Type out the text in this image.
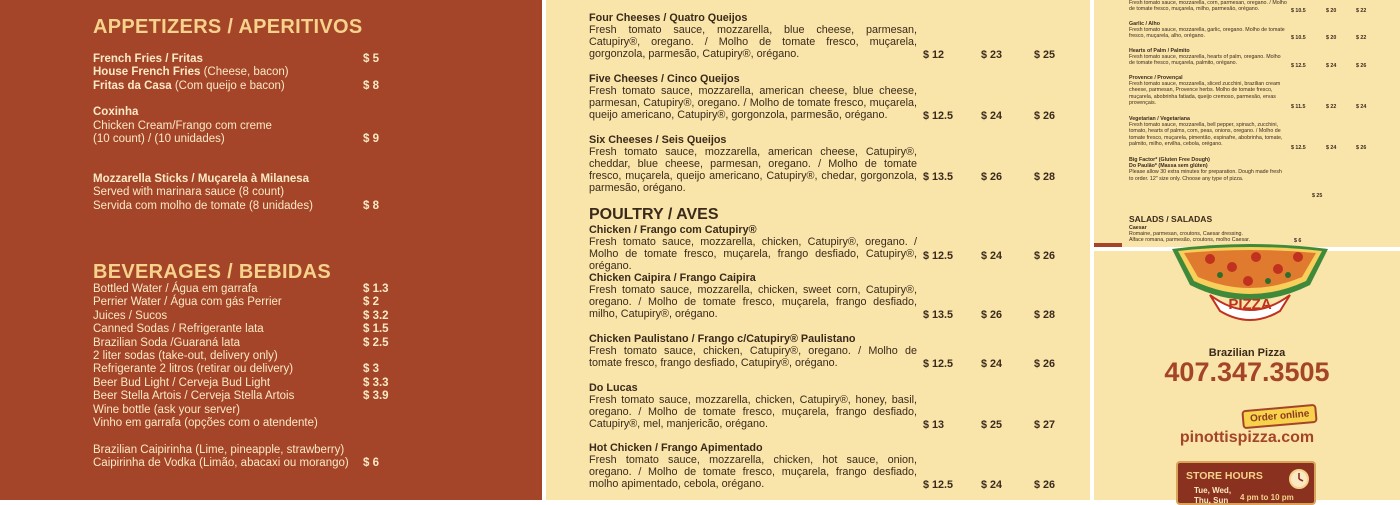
APPETIZERS / APERITIVOS
French Fries / Fritas	$ 5
House French Fries (Cheese, bacon)
Fritas da Casa (Com queijo e bacon)	$ 8
Coxinha
Chicken Cream/Frango com creme
(10 count) / (10 unidades)	$ 9
Mozzarella Sticks / Muçarela à Milanesa
Served with marinara sauce (8 count)
Servida com molho de tomate (8 unidades)	$ 8
BEVERAGES / BEBIDAS
Bottled Water / Água em garrafa	$ 1.3
Perrier Water / Água com gás Perrier	$ 2
Juices / Sucos	$ 3.2
Canned Sodas / Refrigerante lata	$ 1.5
Brazilian Soda /Guaraná lata	$ 2.5
2 liter sodas (take-out, delivery only)
Refrigerante 2 litros (retirar ou delivery)	$ 3
Beer Bud Light / Cerveja Bud Light	$ 3.3
Beer Stella Artois / Cerveja Stella Artois	$ 3.9
Wine bottle (ask your server)
Vinho em garrafa (opções com o atendente)
Brazilian Caipirinha (Lime, pineapple, strawberry)
Caipirinha de Vodka (Limão, abacaxi ou morango)	$ 6
POULTRY / AVES
Four Cheeses / Quatro Queijos
Fresh tomato sauce, mozzarella, blue cheese, parmesan, Catupiry®, oregano. / Molho de tomate fresco, muçarela, gorgonzola, parmesão, Catupiry®, orégano.	$ 12	$ 23	$ 25
Five Cheeses / Cinco Queijos
Fresh tomato sauce, mozzarella, american cheese, blue cheese, parmesan, Catupiry®, oregano. / Molho de tomate fresco, muçarela, queijo americano, Catupiry®, gorgonzola, parmesão, orégano.	$ 12.5	$ 24	$ 26
Six Cheeses / Seis Queijos
Fresh tomato sauce, mozzarella, american cheese, Catupiry®, cheddar, blue cheese, parmesan, oregano. / Molho de tomate fresco, muçarela, queijo americano, Catupiry®, chedar, gorgonzola, parmesão, orégano.
$ 13.5	$ 26	$ 28
Chicken / Frango com Catupiry®
Fresh tomato sauce, mozzarella, chicken, Catupiry®, oregano. / Molho de tomate fresco, muçarela, frango desfiado, Catupiry®, orégano.
$ 12.5	$ 24	$ 26
Chicken Caipira / Frango Caipira
Fresh tomato sauce, mozzarella, chicken, sweet corn, Catupiry®, oregano. / Molho de tomate fresco, muçarela, frango desfiado, milho, Catupiry®, orégano.	$ 13.5	$ 26	$ 28
Chicken Paulistano / Frango c/Catupiry® Paulistano
Fresh tomato sauce, chicken, Catupiry®, oregano. / Molho de tomate fresco, frango desfiado, Catupiry®, orégano.	$ 12.5	$ 24	$ 26
Do Lucas
Fresh tomato sauce, mozzarella, chicken, Catupiry®, honey, basil, oregano. / Molho de tomate fresco, muçarela, frango desfiado, Catupiry®, mel, manjericão, orégano.	$ 13	$ 25	$ 27
Hot Chicken / Frango Apimentado
Fresh tomato sauce, mozzarella, chicken, hot sauce, onion, oregano. / Molho de tomate fresco, muçarela, frango desfiado, molho apimentado, cebola, orégano.	$ 12.5	$ 24	$ 26
SALADS / SALADAS
Caesar
Romaine, parmesan, croutons, Caesar dressing.
Alface romana, parmesão, croutons, molho Caesar.	$ 6
Fresh tomato sauce, mozzarella, corn, parmesan, oregano. / Molho de tomate fresco, muçarela, milho, parmesão, orégano.	$ 10.5	$ 20	$ 22
Garlic / Alho
Fresh tomato sauce, mozzarella, garlic, oregano. Molho de tomate fresco, muçarela, alho, orégano.	$ 10.5	$ 20	$ 22
Hearts of Palm / Palmito
Fresh tomato sauce, mozzarella, hearts of palm, oregano. Molho de tomate fresco, muçarela, palmito, orégano.	$ 12.5	$ 24	$ 26
Provence / Provençal
Fresh tomato sauce, mozzarella, sliced zucchini, brazilian cream cheese, parmesan, Provence herbs. Molho de tomate fresco, muçarela, abobrinha fatiada, queijo cremoso, parmesão, ervas provençais.
$ 11.5	$ 22	$ 24
Vegetarian / Vegetariana
Fresh tomato sauce, mozzarella, bell pepper, spinach, zucchini, tomato, hearts of palms, corn, peas, onions, oregano. / Molho de tomate fresco, muçarela, pimentão, espinafre, abobrinha, tomate, palmito, milho, ervilha, cebola, orégano.
$ 12.5	$ 24	$ 26
Big Factor* (Gluten Free Dough)
Do Paulão* (Massa sem glúten)
Please allow 30 extra minutes for preparation. Dough made fresh to order. 12" size only. Choose any type of pizza.
$ 25
PIZZA
Brazilian Pizza
407.347.3505
Order online
pinottispizza.com
STORE HOURS
Tue, Wed,
Thu, Sun 4 pm to 10 pm
